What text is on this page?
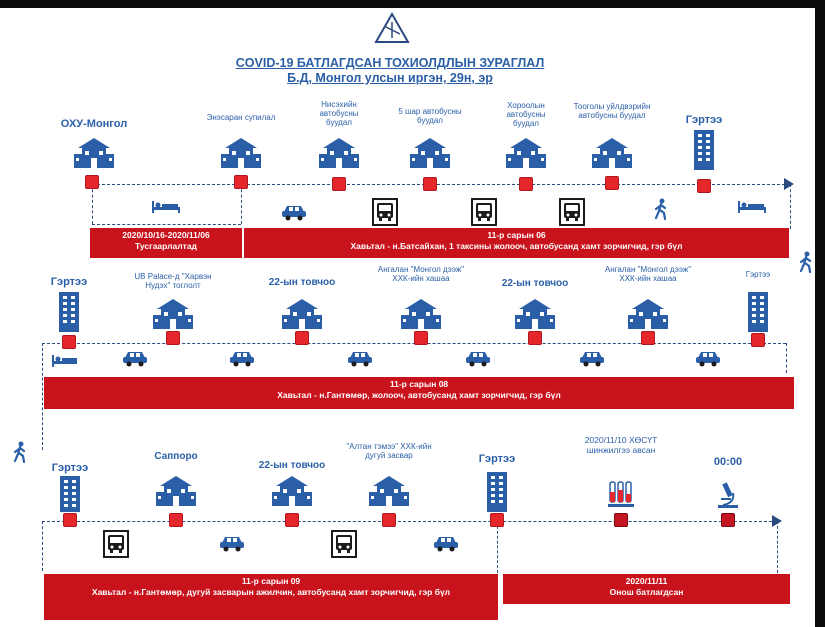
COVID-19 БАТЛАГДСАН ТОХИОЛДЛЫН ЗУРАГЛАЛ
Б.Д, Монгол улсын иргэн, 29н, эр
ОХУ-Монгол
Энэсаран супилал
Нисэхийн автобусны буудал
5 шар автобусны буудал
Хороолын автобусны буудал
Тооголы уйлдвэрийн автобусны буудал	Гэртээ
2020/10/16-2020/11/06
Тусгаарлалтад
11-р сарын 06
Хавьтал - н.Батсайхан, 1 таксины жолооч, автобусанд хамт зорчигчид, гэр бүл
Гэртээ	UB Palace-д "Харвэн Нудэх" тоглолт	22-ын товчоо
Ангалан "Монгол дээж" ХХК-ийн хашаа	22-ын товчоо
Ангалан "Монгол дээж" ХХК-ийн хашаа	Гэртээ
11-р сарын 08
Хавьтал - н.Гантөмөр, жолооч, автобусанд хамт зорчигчид, гэр бүл
Гэртээ
Саппоро
22-ын товчоо
"Алтан тэмээ" ХХК-ийн дугуй засвар	Гэртээ
2020/11/10 ХӨСҮТ шинжилгээ авсан
00:00
11-р сарын 09
Хавьтал - н.Гантөмөр, дугуй засварын ажилчин, автобусанд хамт зорчигчид, гэр бүл
2020/11/11
Онош батлагдсан
